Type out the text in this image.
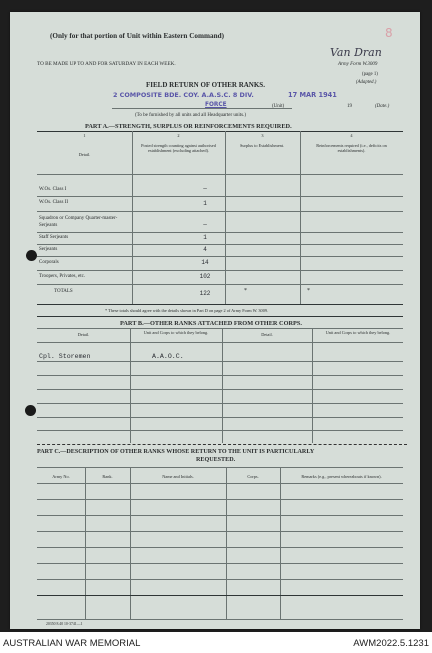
(Only for that portion of Unit within Eastern Command)	8
Van Dran
TO BE MADE UP TO AND FOR SATURDAY IN EACH WEEK.	Army Form W.3009
(page 1)
(Adapted.)
FIELD RETURN OF OTHER RANKS.
2 COMPOSITE BDE. COY. A.A.S.C. 8 DIV.	17 MAR 1941
FORCE	(Unit)	19	(Date.)
(To be furnished by all units and all Headquarter units.)
PART A.—STRENGTH, SURPLUS OR REINFORCEMENTS REQUIRED.
1	2	3	4
Detail.
Posted strength counting against authorised establishment (excluding attached).
Surplus to Establishment.	Reinforcements required (i.e., deficits on establishments).
W.Os. Class I	—
W.Os. Class II	1
Squadron or Company Quarter-master-Serjeants	—
Staff Serjeants	1
Serjeants	4
Corporals	14
Troopers, Privates, etc.	102
TOTALS	122	*	*
* These totals should agree with the details shown in Part D on page 2 of Army Form W. 3009.
PART B.—OTHER RANKS ATTACHED FROM OTHER CORPS.
Detail.	Unit and Corps to which they belong.	Detail.	Unit and Corps to which they belong.
Cpl. Storemen	A.A.O.C.
PART C.—DESCRIPTION OF OTHER RANKS WHOSE RETURN TO THE UNIT IS PARTICULARLY
REQUESTED.
Army No.	Rank.	Name and Initials.	Corps.	Remarks (e.g., present whereabouts if known).
20350 8.40 10-3741—1
AUSTRALIAN WAR MEMORIAL	AWM2022.5.1231
